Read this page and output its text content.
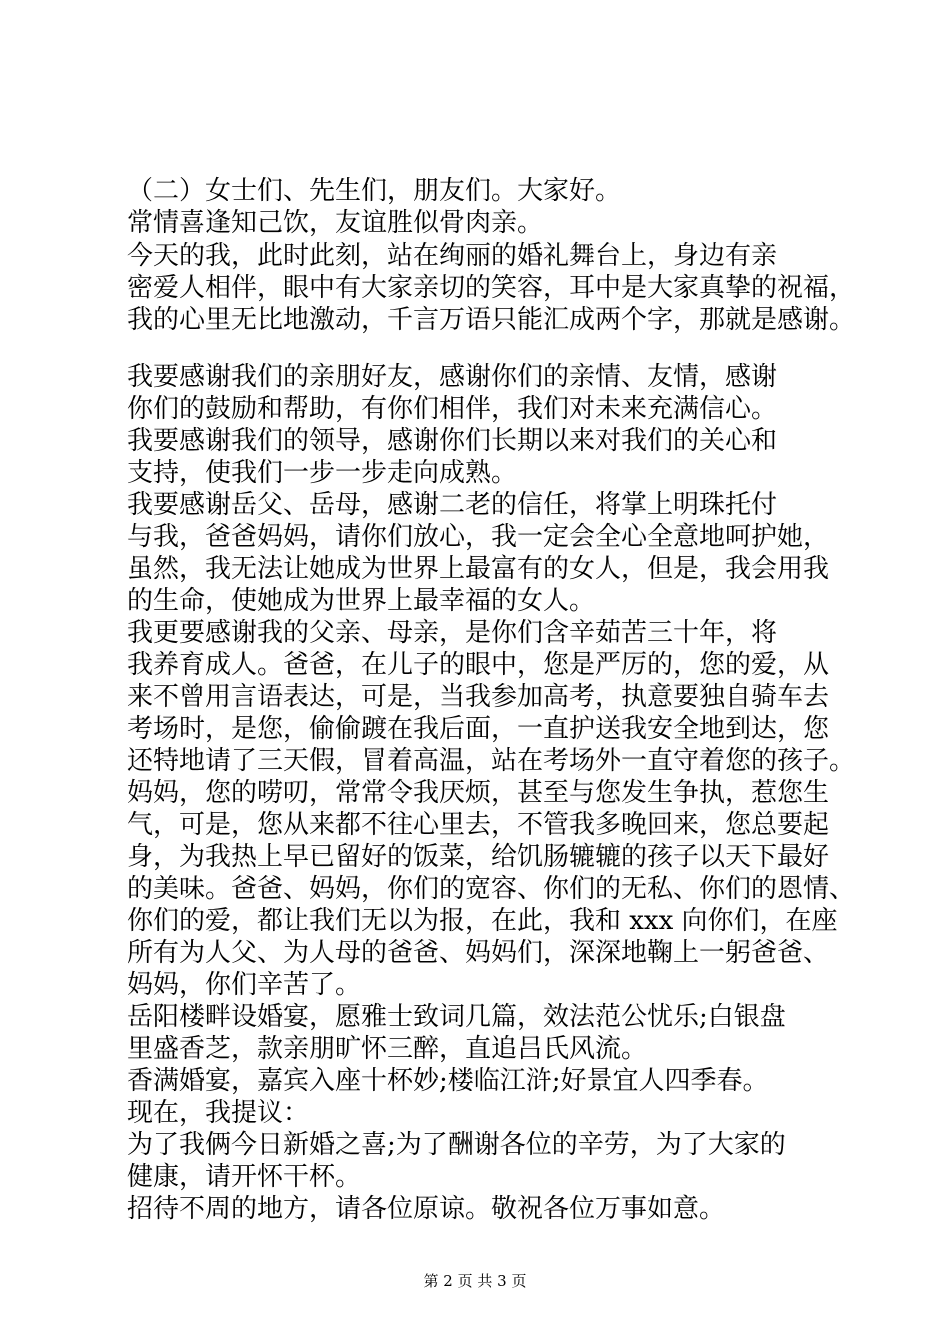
（二）女士们、先生们，朋友们。大家好。
常情喜逢知己饮，友谊胜似骨肉亲。
今天的我，此时此刻，站在绚丽的婚礼舞台上，身边有亲
密爱人相伴，眼中有大家亲切的笑容，耳中是大家真挚的祝福，
我的心里无比地激动，千言万语只能汇成两个字，那就是感谢。
我要感谢我们的亲朋好友，感谢你们的亲情、友情，感谢
你们的鼓励和帮助，有你们相伴，我们对未来充满信心。
我要感谢我们的领导，感谢你们长期以来对我们的关心和
支持，使我们一步一步走向成熟。
我要感谢岳父、岳母，感谢二老的信任，将掌上明珠托付
与我，爸爸妈妈，请你们放心，我一定会全心全意地呵护她，
虽然，我无法让她成为世界上最富有的女人，但是，我会用我
的生命，使她成为世界上最幸福的女人。
我更要感谢我的父亲、母亲，是你们含辛茹苦三十年，将
我养育成人。爸爸，在儿子的眼中，您是严厉的，您的爱，从
来不曾用言语表达，可是，当我参加高考，执意要独自骑车去
考场时，是您，偷偷踱在我后面，一直护送我安全地到达，您
还特地请了三天假，冒着高温，站在考场外一直守着您的孩子。
妈妈，您的唠叨，常常令我厌烦，甚至与您发生争执，惹您生
气，可是，您从来都不往心里去，不管我多晚回来，您总要起
身，为我热上早已留好的饭菜，给饥肠辘辘的孩子以天下最好
的美味。爸爸、妈妈，你们的宽容、你们的无私、你们的恩情、
你们的爱，都让我们无以为报，在此，我和 xxx 向你们，在座
所有为人父、为人母的爸爸、妈妈们，深深地鞠上一躬爸爸、
妈妈，你们辛苦了。
岳阳楼畔设婚宴，愿雅士致词几篇，效法范公忧乐;白银盘
里盛香芝，款亲朋旷怀三醉，直追吕氏风流。
香满婚宴，嘉宾入座十杯妙;楼临江浒;好景宜人四季春。
现在，我提议：
为了我俩今日新婚之喜;为了酬谢各位的辛劳，为了大家的
健康，请开怀干杯。
招待不周的地方，请各位原谅。敬祝各位万事如意。
第 2 页 共 3 页
